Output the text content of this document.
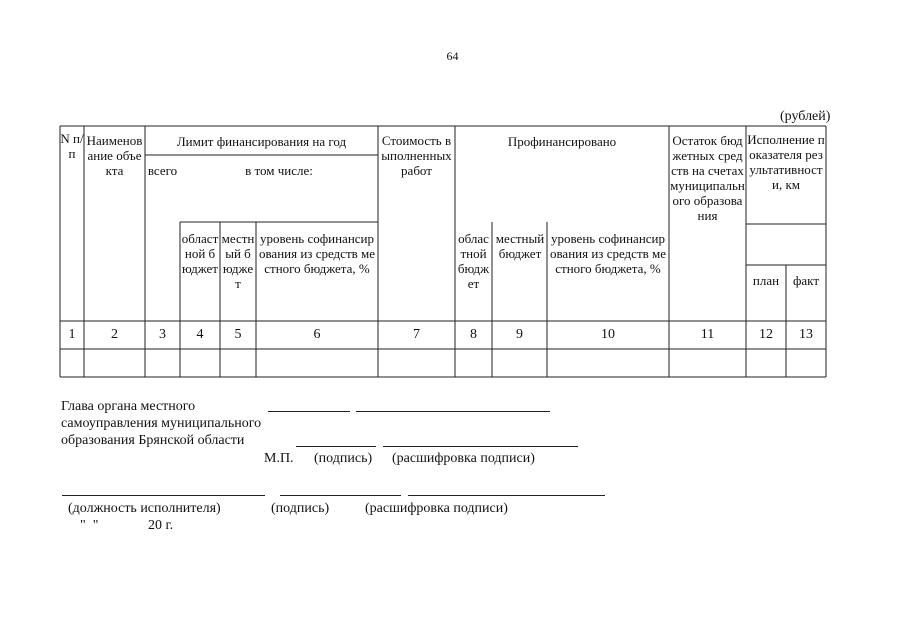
64
(рублей)
N п/п
Наименование объекта
Лимит финансирования на год
всего	в том числе:
областной бюджет
местный бюджет
уровень софинансирования из средств местного бюджета, %
Стоимость выполненных работ
Профинансировано
областной бюджет
местный бюджет
уровень софинансирования из средств местного бюджета, %
Остаток бюджетных средств на счетах муниципального образования
Исполнение показателя результативности, км
план	факт
1	2	3	4	5	6	7	8	9	10	11	12	13
Глава органа местного
самоуправления муниципального
образования Брянской области
М.П. (подпись) (расшифровка подписи)
(должность исполнителя)	(подпись)	(расшифровка подписи)
"  "	20 г.
